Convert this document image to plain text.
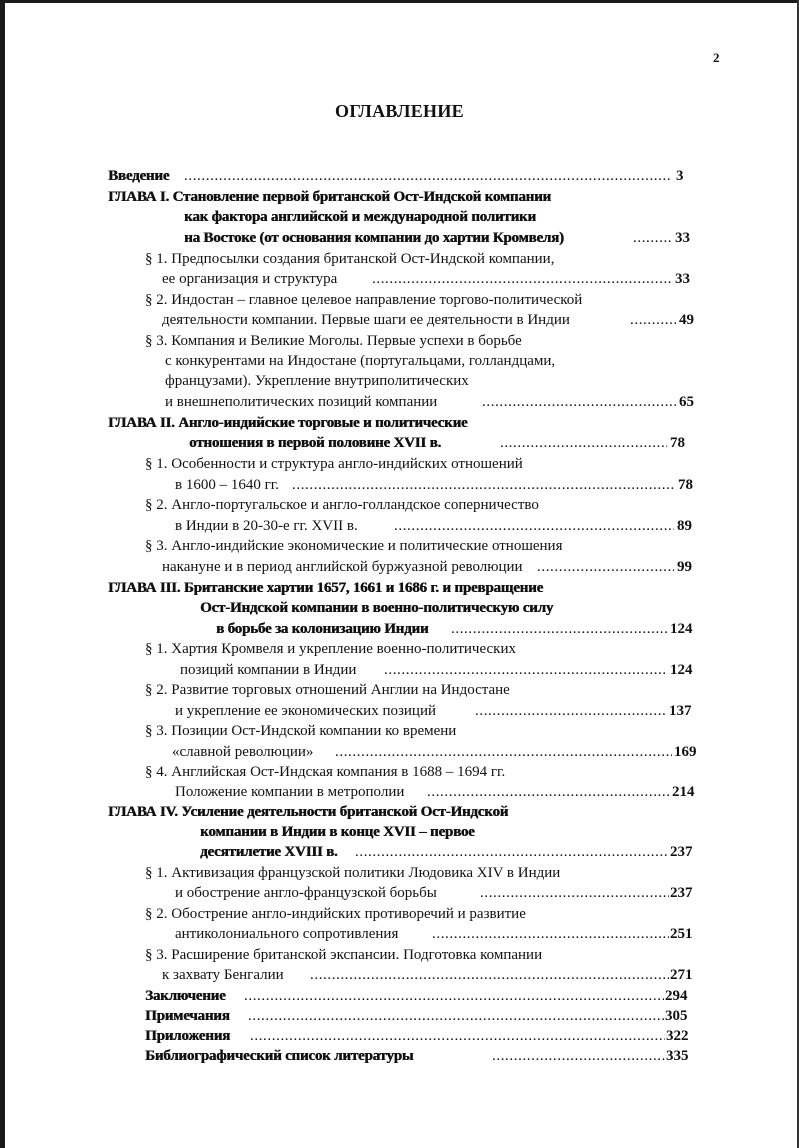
2
ОГЛАВЛЕНИЕ
Введение .....	3
ГЛАВА I. Становление первой британской Ост-Индской компании
как фактора английской и международной политики
на Востоке (от основания компании до хартии Кромвеля) .....	33
§ 1. Предпосылки создания британской Ост-Индской компании,
ее организация и структура .....	33
§ 2. Индостан – главное целевое направление торгово-политической
деятельности компании. Первые шаги ее деятельности в Индии .....	49
§ 3. Компания и Великие Моголы. Первые успехи в борьбе
с конкурентами на Индостане (португальцами, голландцами,
французами). Укрепление внутриполитических
и внешнеполитических позиций компании .....	65
ГЛАВА II. Англо-индийские торговые и политические
отношения в первой половине XVII в. .....	78
§ 1. Особенности и структура англо-индийских отношений
в 1600 – 1640 гг. .....	78
§ 2. Англо-португальское и англо-голландское соперничество
в Индии в 20-30-е гг. XVII в. .....	89
§ 3. Англо-индийские экономические и политические отношения
накануне и в период английской буржуазной революции .....	99
ГЛАВА III. Британские хартии 1657, 1661 и 1686 г. и превращение
Ост-Индской компании в военно-политическую силу
в борьбе за колонизацию Индии .....	124
§ 1. Хартия Кромвеля и укрепление военно-политических
позиций компании в Индии .....	124
§ 2. Развитие торговых отношений Англии на Индостане
и укрепление ее экономических позиций .....	137
§ 3. Позиции Ост-Индской компании ко времени
«славной революции» .....	169
§ 4. Английская Ост-Индская компания в 1688 – 1694 гг.
Положение компании в метрополии .....	214
ГЛАВА IV. Усиление деятельности британской Ост-Индской
компании в Индии в конце XVII – первое
десятилетие XVIII в. .....	237
§ 1. Активизация французской политики Людовика XIV в Индии
и обострение англо-французской борьбы .....	237
§ 2. Обострение англо-индийских противоречий и развитие
антиколониального сопротивления .....	251
§ 3. Расширение британской экспансии. Подготовка компании
к захвату Бенгалии .....	271
Заключение .....	294
Примечания .....	305
Приложения .....	322
Библиографический список литературы .....	335
